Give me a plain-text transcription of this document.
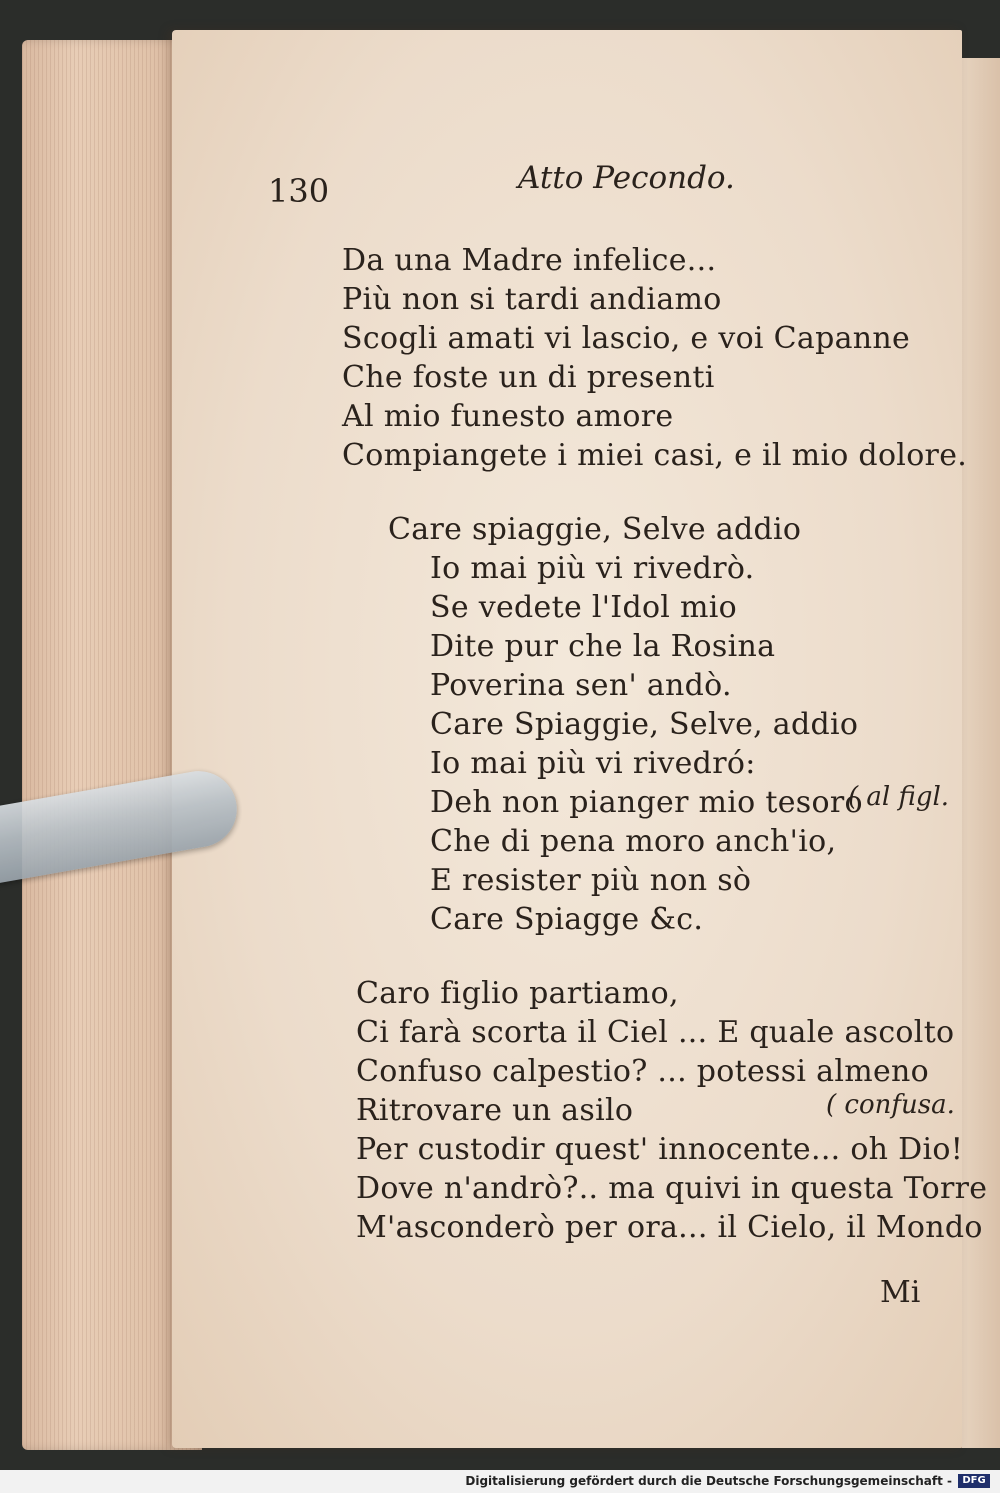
130	Atto Pecondo.
Da una Madre infelice...
Più non si tardi andiamo
Scogli amati vi lascio, e voi Capanne
Che foste un di presenti
Al mio funesto amore
Compiangete i miei casi, e il mio dolore.
Care spiaggie, Selve addio
Io mai più vi rivedrò.
Se vedete l'Idol mio
Dite pur che la Rosina
Poverina sen' andò.
Care Spiaggie, Selve, addio
Io mai più vi rivedró:
Deh non pianger mio tesoro
( al figl.
Che di pena moro anch'io,
E resister più non sò
Care Spiagge &c.
Caro figlio partiamo,
Ci farà scorta il Ciel ... E quale ascolto
Confuso calpestio? ... potessi almeno
Ritrovare un asilo	( confusa.
Per custodir quest' innocente... oh Dio!
Dove n'andrò?.. ma quivi in questa Torre
M'asconderò per ora... il Cielo, il Mondo
Mi
Digitalisierung gefördert durch die Deutsche Forschungsgemeinschaft -	DFG
